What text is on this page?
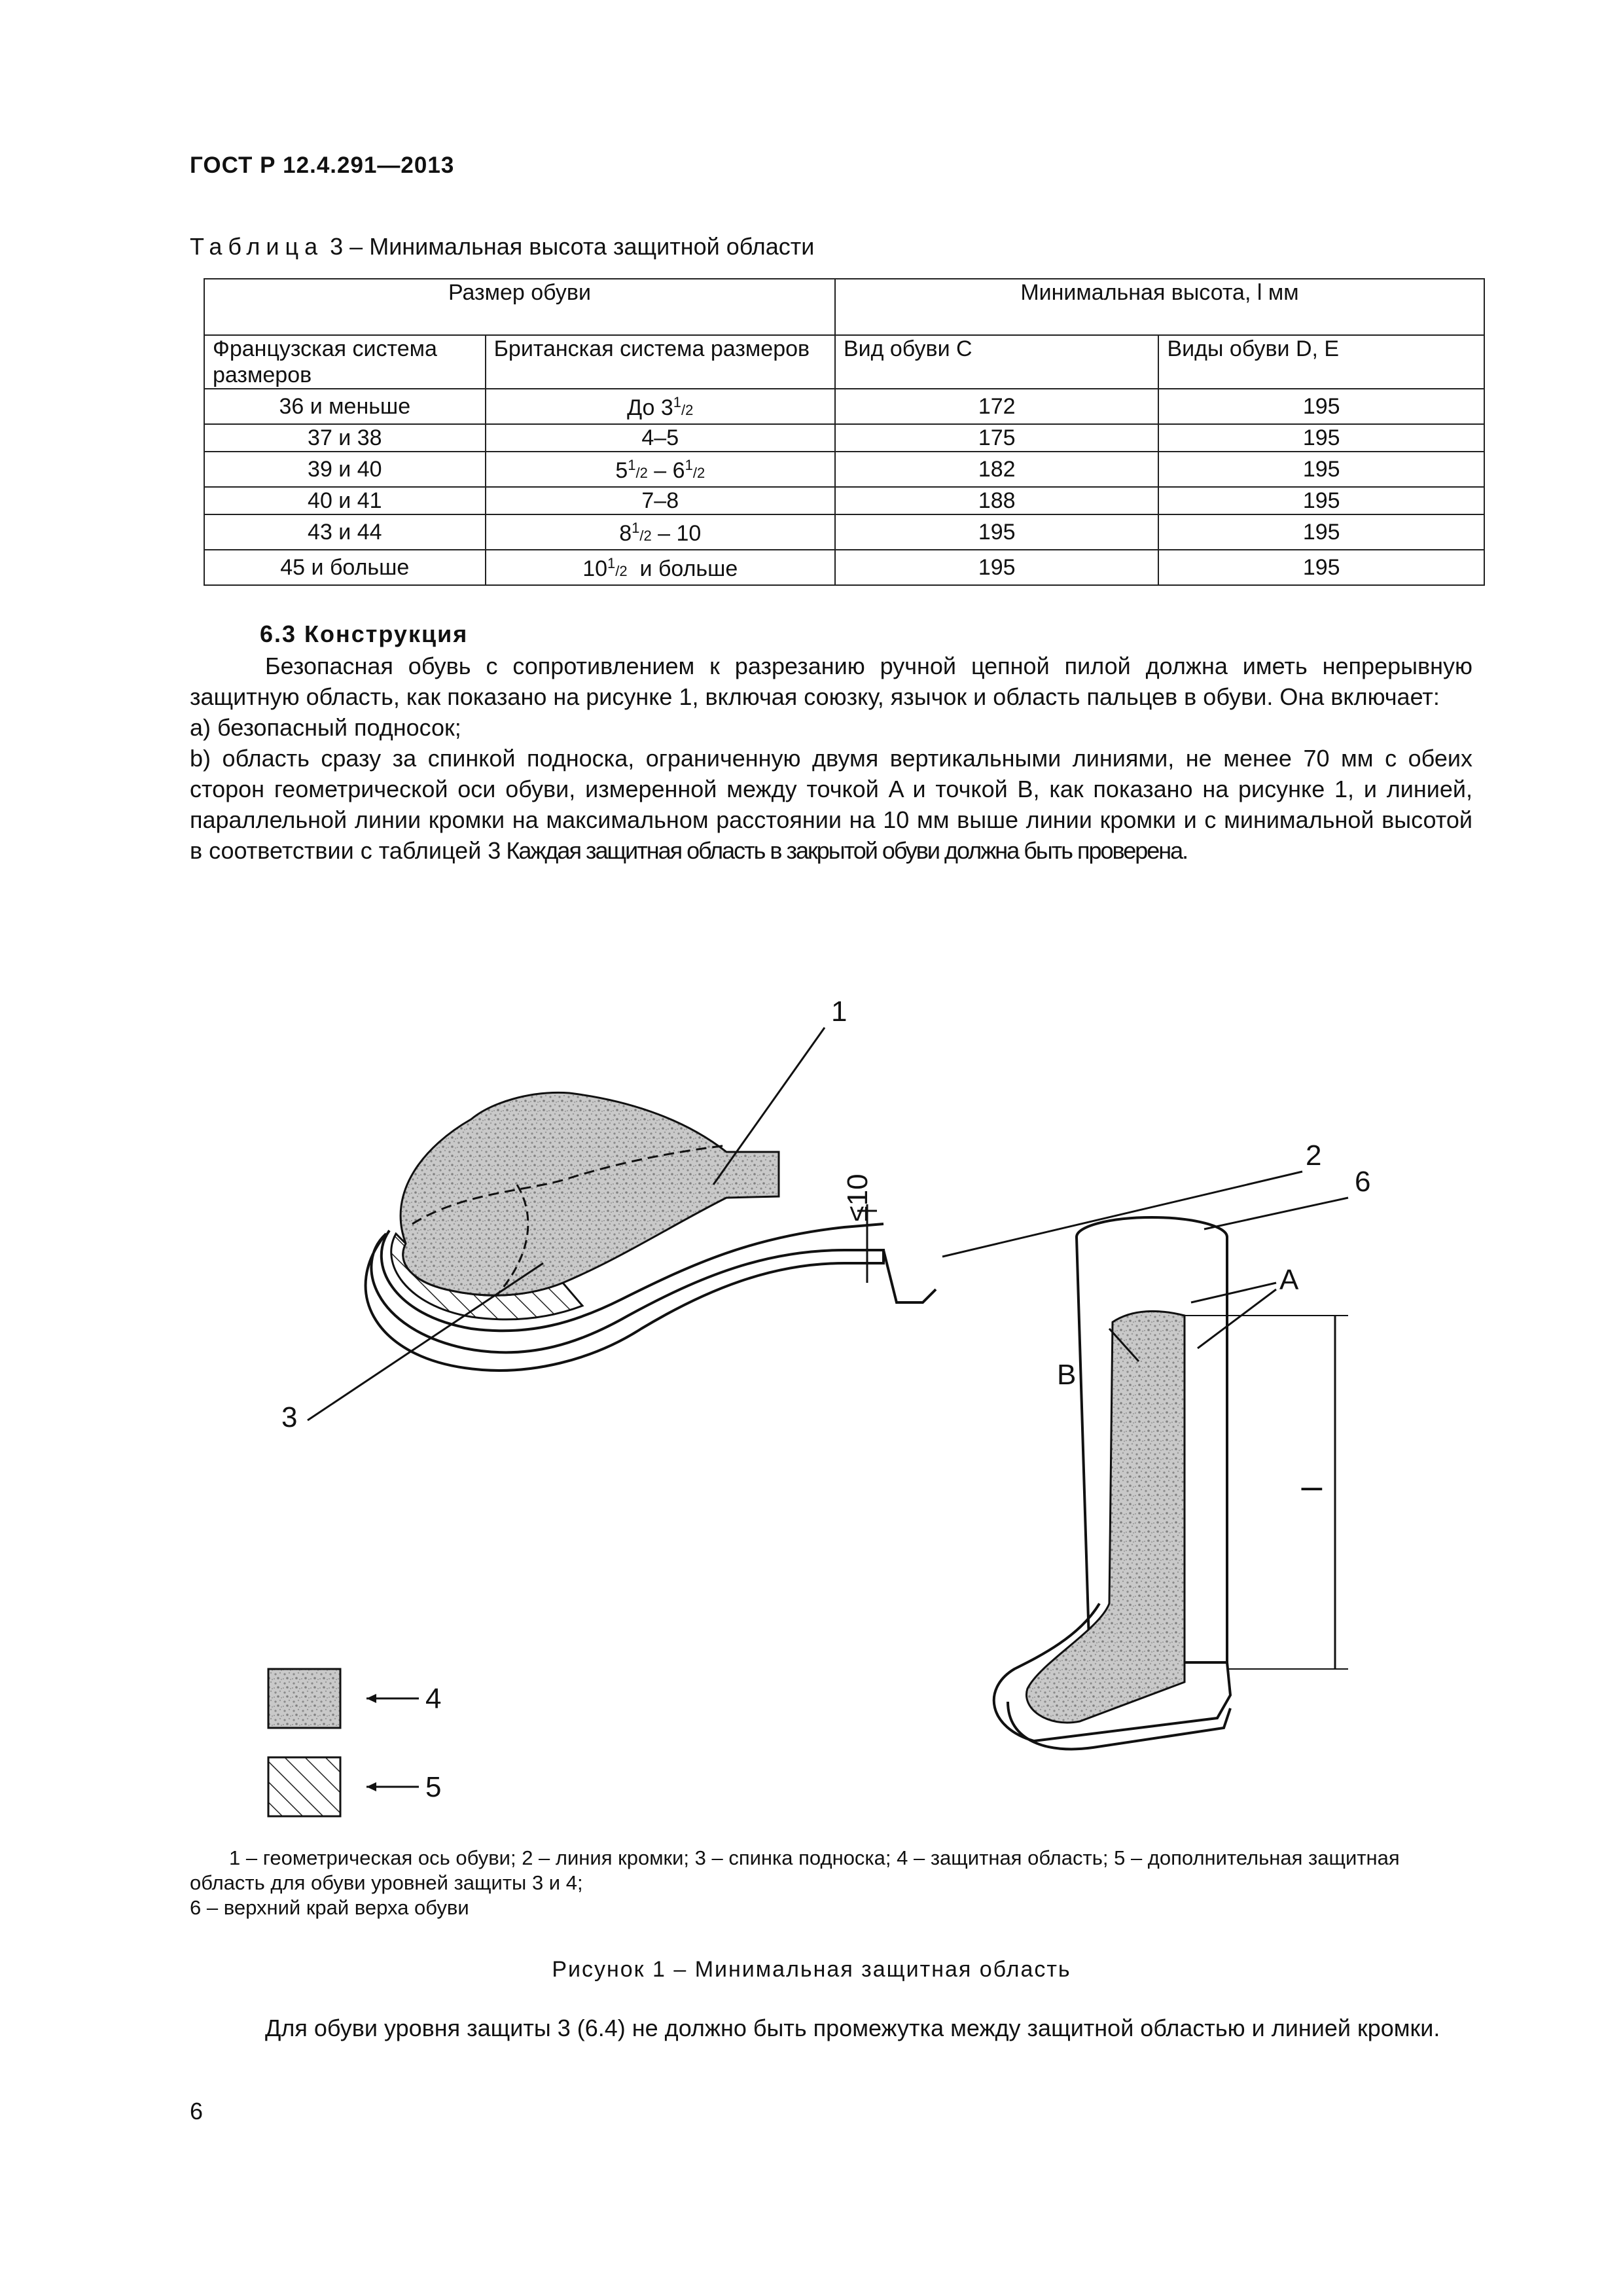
ГОСТ Р 12.4.291—2013
Таблица 3 – Минимальная высота защитной области
Размер обуви		Минимальная высота, l мм	
Французская система размеров	Британская система размеров	Вид обуви C	Виды обуви D, E
36 и меньше	До $3^1/2$	172	195
37 и 38	4–5	175	195
39 и 40	$5^1/2 - 6^1/2$	182	195
40 и 41	7–8	188	195
43 и 44	$8^1/2 - 10$	195	195
45 и больше	$10^1/2$  и больше	195	195
6.3 Конструкция

Безопасная обувь с сопротивлением к разрезанию ручной цепной пилой должна иметь непрерывную защитную область, как показано на рисунке 1, включая союзку, язычок и область пальцев в обуви. Она включает:

а) безопасный подносок;

b) область сразу за спинкой подноска, ограниченную двумя вертикальными линиями, не менее 70 мм с обеих сторон геометрической оси обуви, измеренной между точкой A и точкой B, как показано на рисунке 1, и линией, параллельной линии кромки на максимальном расстоянии на 10 мм выше линии кромки и с минимальной высотой в соответствии с таблицей 3 Каждая защитная область в закрытой обуви должна быть проверена.

≤10
l
1
2
6
3
A
B
4
5

1 – геометрическая ось обуви; 2 – линия кромки; 3 – спинка подноска; 4 – защитная область; 5 – дополнительная защитная область для обуви уровней защиты 3 и 4;

6 – верхний край верха обуви

Рисунок 1 – Минимальная защитная область

Для обуви уровня защиты 3 (6.4) не должно быть промежутка между защитной областью и линией кромки.

6
